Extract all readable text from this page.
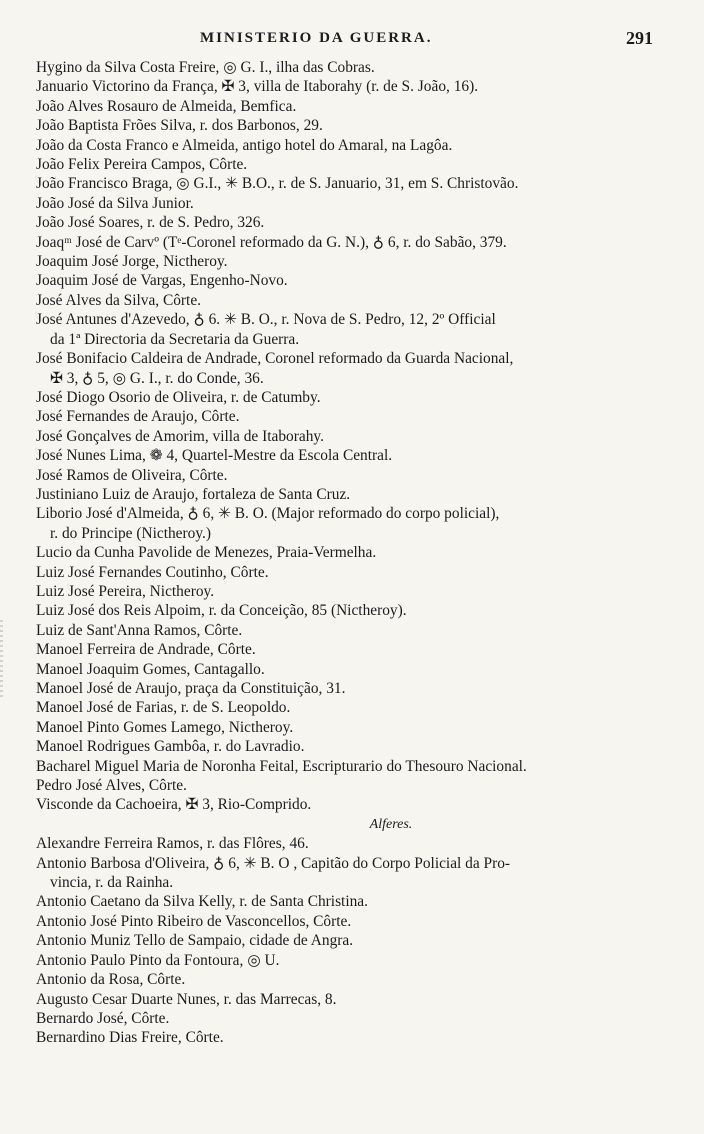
MINISTERIO DA GUERRA.	291
Hygino da Silva Costa Freire, ◎ G. I., ilha das Cobras.
Januario Victorino da França, ✠ 3, villa de Itaborahy (r. de S. João, 16).
João Alves Rosauro de Almeida, Bemfica.
João Baptista Frões Silva, r. dos Barbonos, 29.
João da Costa Franco e Almeida, antigo hotel do Amaral, na Lagôa.
João Felix Pereira Campos, Côrte.
João Francisco Braga, ◎ G.I., ✳ B.O., r. de S. Januario, 31, em S. Christovão.
João José da Silva Junior.
João José Soares, r. de S. Pedro, 326.
Joaqᵐ José de Carvº (Tᵉ-Coronel reformado da G. N.), ♁ 6, r. do Sabão, 379.
Joaquim José Jorge, Nictheroy.
Joaquim José de Vargas, Engenho-Novo.
José Alves da Silva, Côrte.
José Antunes d'Azevedo, ♁ 6. ✳ B. O., r. Nova de S. Pedro, 12, 2º Official
da 1ª Directoria da Secretaria da Guerra.
José Bonifacio Caldeira de Andrade, Coronel reformado da Guarda Nacional,
✠ 3, ♁ 5, ◎ G. I., r. do Conde, 36.
José Diogo Osorio de Oliveira, r. de Catumby.
José Fernandes de Araujo, Côrte.
José Gonçalves de Amorim, villa de Itaborahy.
José Nunes Lima, ❁ 4, Quartel-Mestre da Escola Central.
José Ramos de Oliveira, Côrte.
Justiniano Luiz de Araujo, fortaleza de Santa Cruz.
Liborio José d'Almeida, ♁ 6, ✳ B. O. (Major reformado do corpo policial),
r. do Principe (Nictheroy.)
Lucio da Cunha Pavolide de Menezes, Praia-Vermelha.
Luiz José Fernandes Coutinho, Côrte.
Luiz José Pereira, Nictheroy.
Luiz José dos Reis Alpoim, r. da Conceição, 85 (Nictheroy).
Luiz de Sant'Anna Ramos, Côrte.
Manoel Ferreira de Andrade, Côrte.
Manoel Joaquim Gomes, Cantagallo.
Manoel José de Araujo, praça da Constituição, 31.
Manoel José de Farias, r. de S. Leopoldo.
Manoel Pinto Gomes Lamego, Nictheroy.
Manoel Rodrigues Gambôa, r. do Lavradio.
Bacharel Miguel Maria de Noronha Feital, Escripturario do Thesouro Nacional.
Pedro José Alves, Côrte.
Visconde da Cachoeira, ✠ 3, Rio-Comprido.
Alferes.
Alexandre Ferreira Ramos, r. das Flôres, 46.
Antonio Barbosa d'Oliveira, ♁ 6, ✳ B. O , Capitão do Corpo Policial da Pro-
vincia, r. da Rainha.
Antonio Caetano da Silva Kelly, r. de Santa Christina.
Antonio José Pinto Ribeiro de Vasconcellos, Côrte.
Antonio Muniz Tello de Sampaio, cidade de Angra.
Antonio Paulo Pinto da Fontoura, ◎ U.
Antonio da Rosa, Côrte.
Augusto Cesar Duarte Nunes, r. das Marrecas, 8.
Bernardo José, Côrte.
Bernardino Dias Freire, Côrte.
